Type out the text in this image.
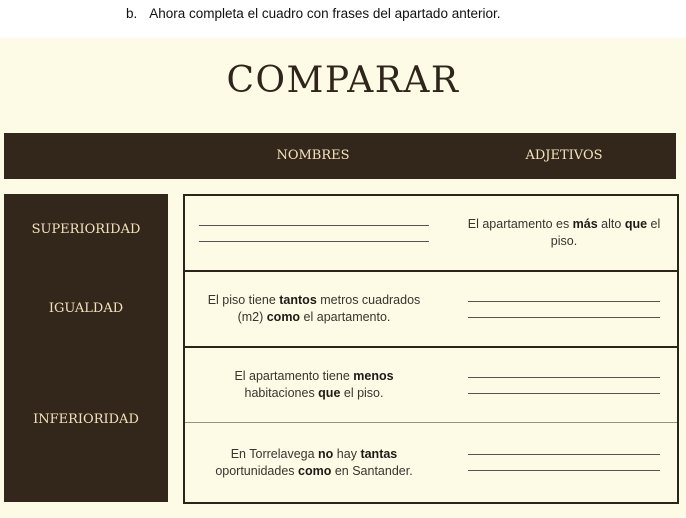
b. Ahora completa el cuadro con frases del apartado anterior.
COMPARAR
NOMBRES	ADJETIVOS
SUPERIORIDAD
IGUALDAD
INFERIORIDAD
El apartamento es más alto que el piso.
El piso tiene tantos metros cuadrados (m2) como el apartamento.
El apartamento tiene menos habitaciones que el piso.
En Torrelavega no hay tantas oportunidades como en Santander.
